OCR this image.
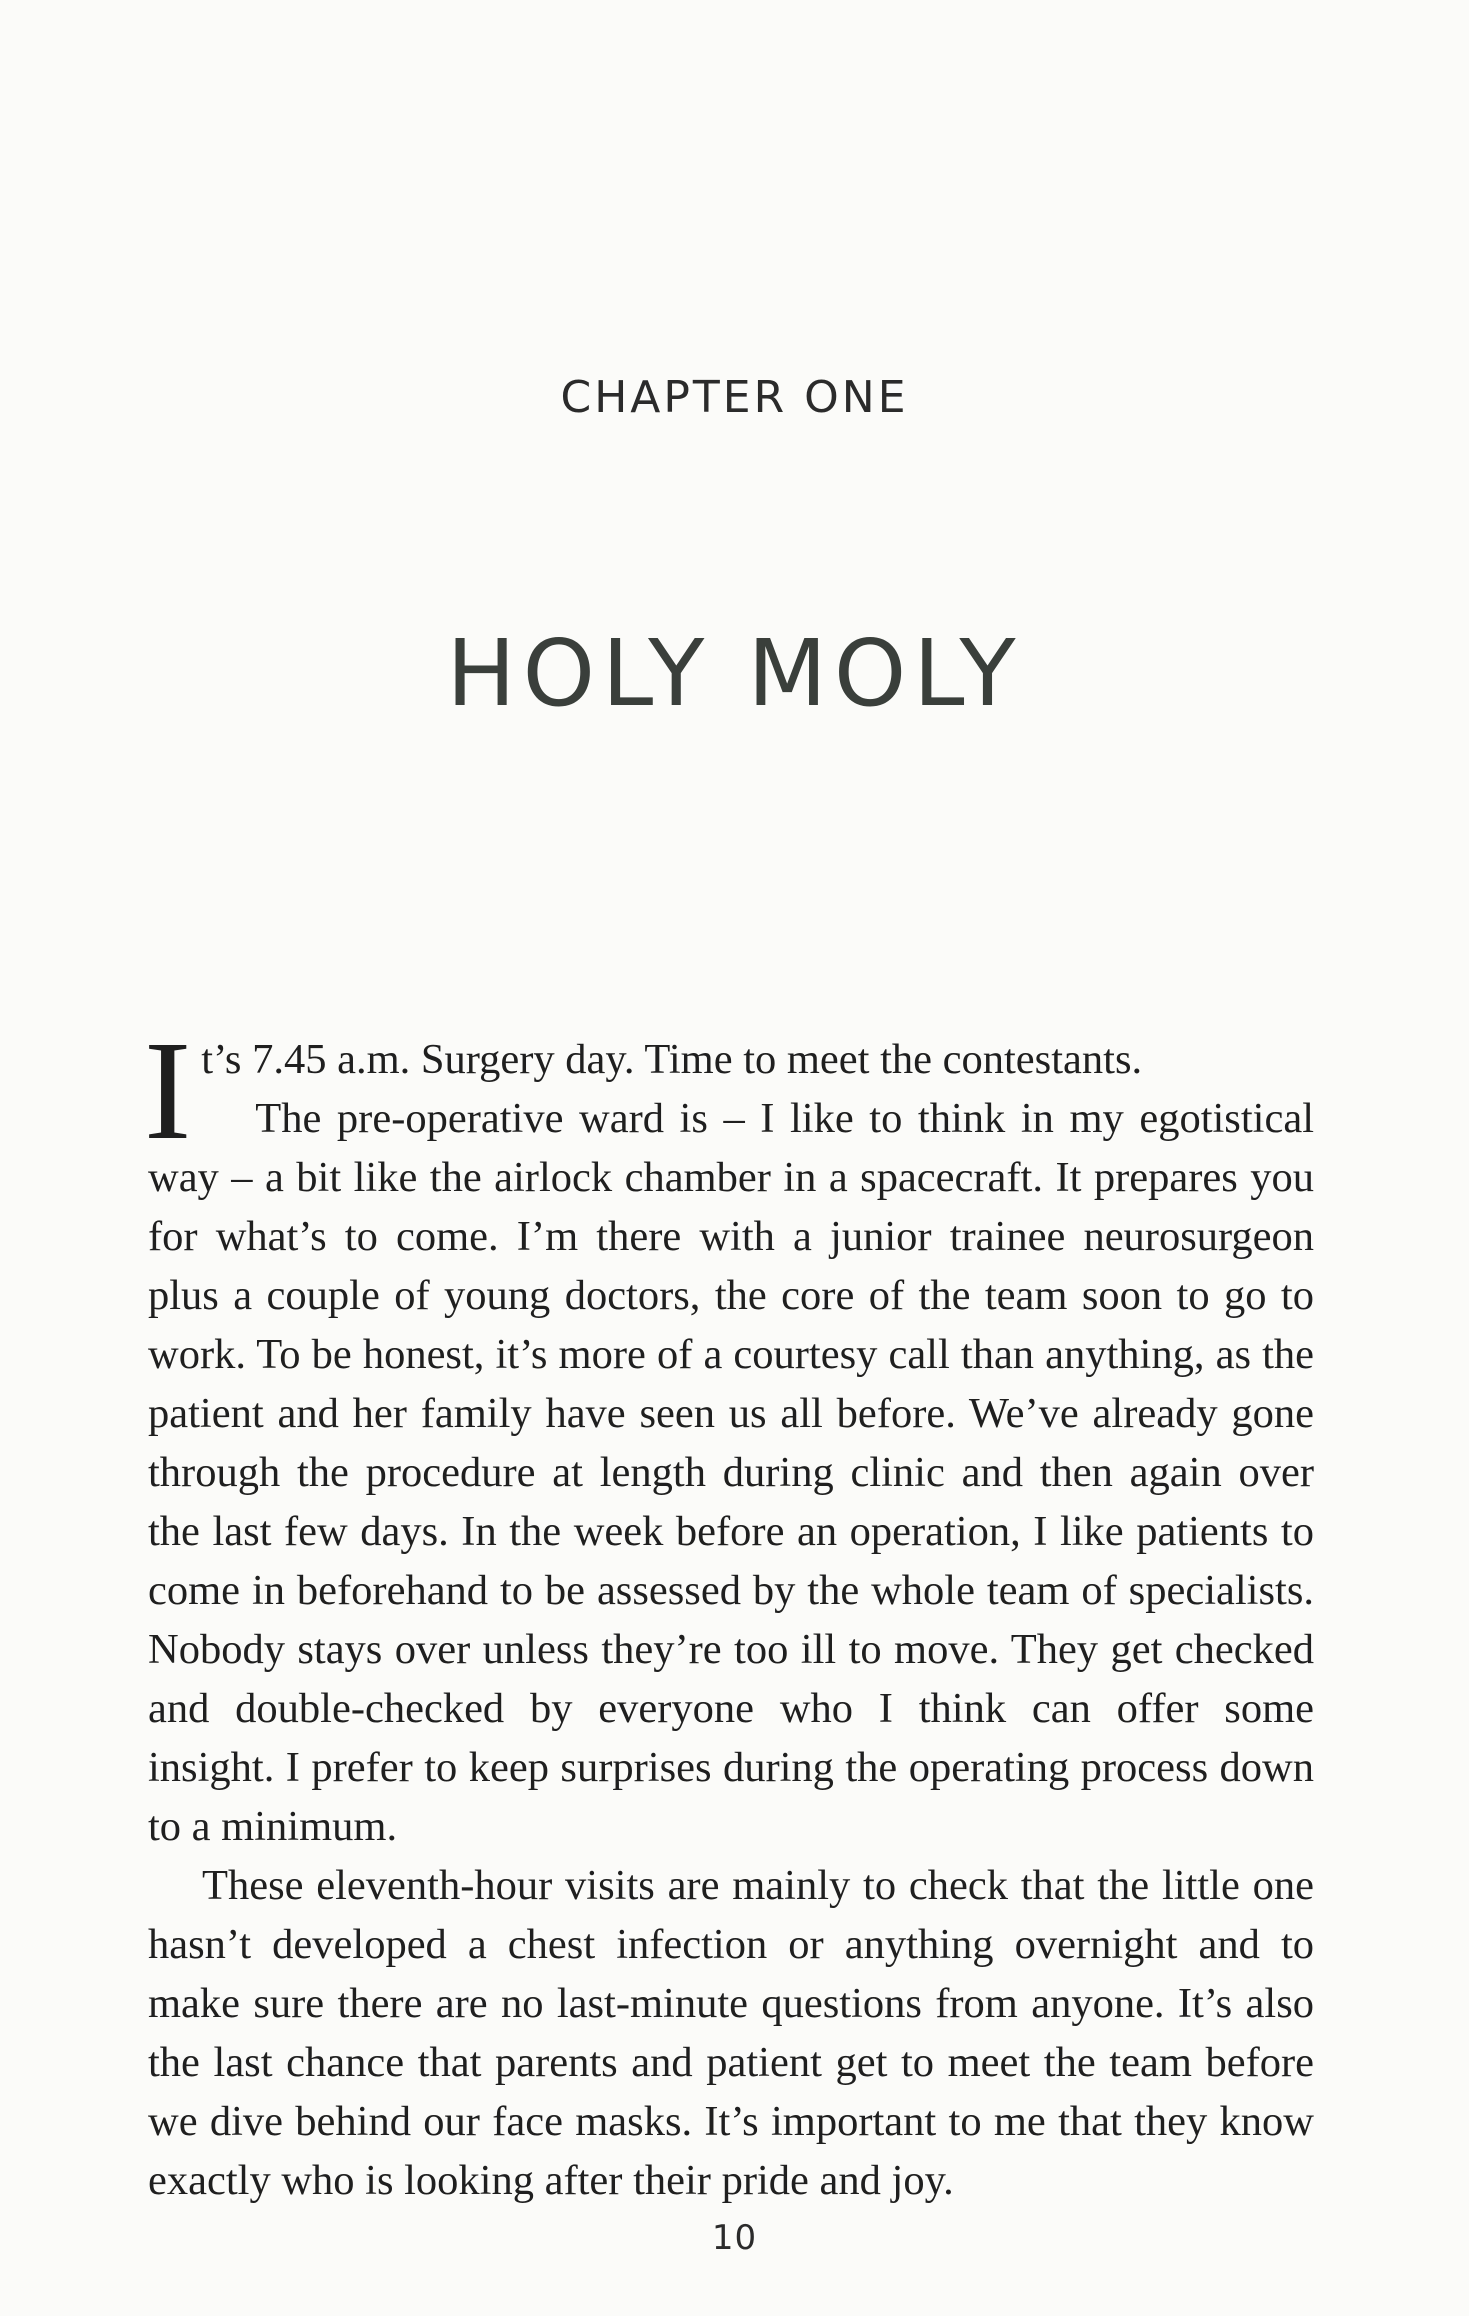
CHAPTER ONE
HOLY MOLY

It’s 7.45 a.m. Surgery day. Time to meet the contestants.

The pre-operative ward is – I like to think in my egotistical way – a bit like the airlock chamber in a spacecraft. It prepares you for what’s to come. I’m there with a junior trainee neurosurgeon plus a couple of young doctors, the core of the team soon to go to work. To be honest, it’s more of a courtesy call than anything, as the patient and her family have seen us all before. We’ve already gone through the procedure at length during clinic and then again over the last few days. In the week before an operation, I like patients to come in beforehand to be assessed by the whole team of specialists. Nobody stays over unless they’re too ill to move. They get checked and double-checked by everyone who I think can offer some insight. I prefer to keep surprises during the operating process down to a minimum.

These eleventh-hour visits are mainly to check that the little one hasn’t developed a chest infection or anything overnight and to make sure there are no last-minute questions from anyone. It’s also the last chance that parents and patient get to meet the team before we dive behind our face masks. It’s important to me that they know exactly who is looking after their pride and joy.

10
